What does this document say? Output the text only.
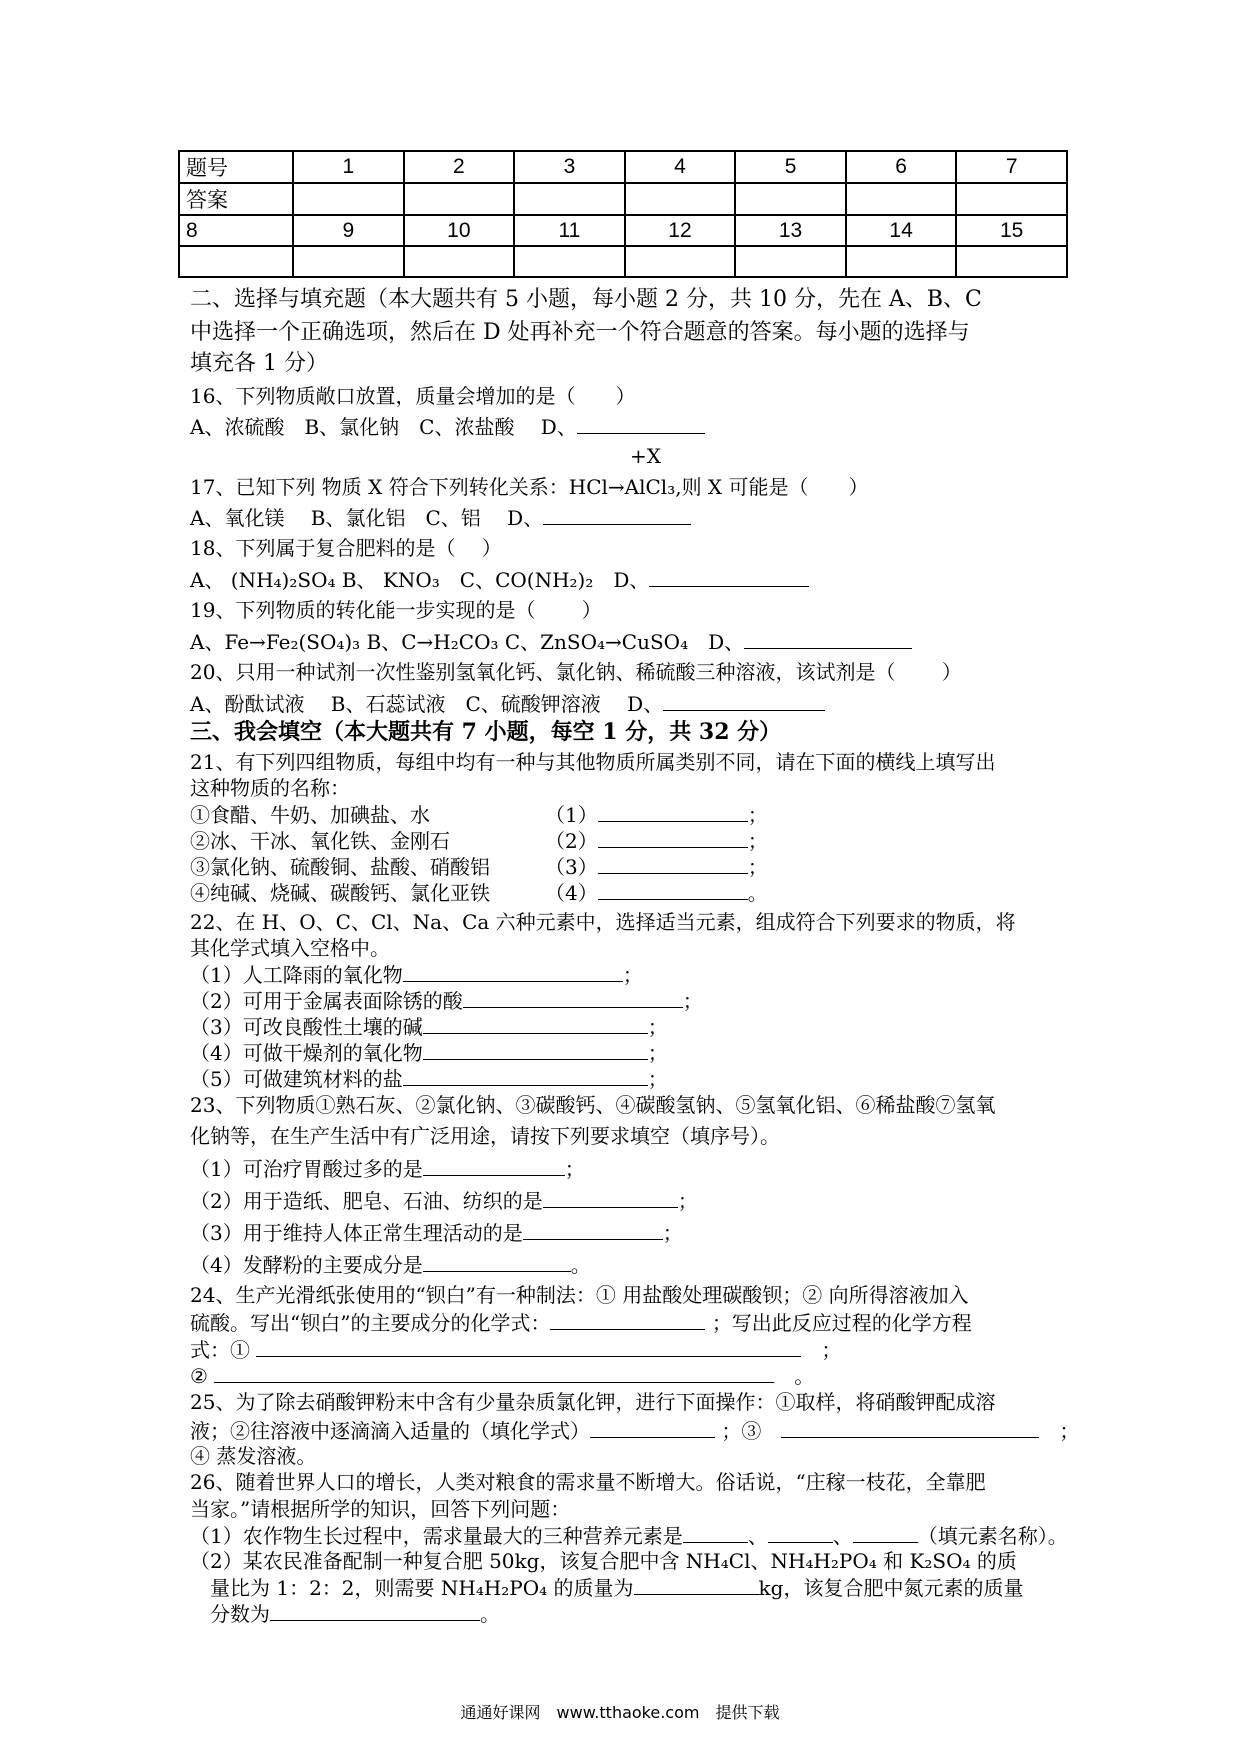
题号	1	2	3	4	5	6	7
答案							
8	9	10	11	12	13	14	15

二、选择与填充题（本大题共有 5 小题，每小题 2 分，共 10 分，先在 A、B、C
中选择一个正确选项，然后在 D 处再补充一个符合题意的答案。每小题的选择与
填充各 1 分）
16、下列物质敞口放置，质量会增加的是（　　）
A、浓硫酸　B、氯化钠　C、浓盐酸　 D、
+X
17、已知下列 物质 X 符合下列转化关系：HCl→AlCl₃,则 X 可能是（　　）
A、氧化镁　 B、氯化铝　C、铝　 D、
18、下列属于复合肥料的是（　 ）
A、 (NH₄)₂SO₄ B、 KNO₃　C、CO(NH₂)₂　D、
19、下列物质的转化能一步实现的是（　　 ）
A、Fe→Fe₂(SO₄)₃ B、C→H₂CO₃ C、ZnSO₄→CuSO₄　D、
20、只用一种试剂一次性鉴别氢氧化钙、氯化钠、稀硫酸三种溶液，该试剂是（　　 ）
A、酚酞试液　 B、石蕊试液　C、硫酸钾溶液　 D、
三、我会填空（本大题共有 7 小题，每空 1 分，共 32 分）
21、有下列四组物质，每组中均有一种与其他物质所属类别不同，请在下面的横线上填写出
这种物质的名称：
①食醋、牛奶、加碘盐、水	（1）	；
②冰、干冰、氧化铁、金刚石	（2）	；
③氯化钠、硫酸铜、盐酸、硝酸铝	（3）	；
④纯碱、烧碱、碳酸钙、氯化亚铁	（4）	。
22、在 H、O、C、Cl、Na、Ca 六种元素中，选择适当元素，组成符合下列要求的物质，将
其化学式填入空格中。
（1）人工降雨的氧化物	；
（2）可用于金属表面除锈的酸	；
（3）可改良酸性土壤的碱	；
（4）可做干燥剂的氧化物	；
（5）可做建筑材料的盐	；
23、下列物质①熟石灰、②氯化钠、③碳酸钙、④碳酸氢钠、⑤氢氧化铝、⑥稀盐酸⑦氢氧
化钠等，在生产生活中有广泛用途，请按下列要求填空（填序号）。
（1）可治疗胃酸过多的是	；
（2）用于造纸、肥皂、石油、纺织的是	；
（3）用于维持人体正常生理活动的是	；
（4）发酵粉的主要成分是	。
24、生产光滑纸张使用的“钡白”有一种制法：① 用盐酸处理碳酸钡；② 向所得溶液加入
硫酸。写出“钡白”的主要成分的化学式：	；写出此反应过程的化学方程
式：①	　；
②	　。
25、为了除去硝酸钾粉末中含有少量杂质氯化钾，进行下面操作：①取样，将硝酸钾配成溶
液；②往溶液中逐滴滴入适量的（填化学式）	；③　	　；
④ 蒸发溶液。
26、随着世界人口的增长，人类对粮食的需求量不断增大。俗话说，“庄稼一枝花，全靠肥
当家。”请根据所学的知识，回答下列问题：
（1）农作物生长过程中，需求量最大的三种营养元素是	、	、	（填元素名称）。
（2）某农民准备配制一种复合肥 50kg，该复合肥中含 NH₄Cl、NH₄H₂PO₄ 和 K₂SO₄ 的质
　量比为 1：2：2，则需要 NH₄H₂PO₄ 的质量为	kg，该复合肥中氮元素的质量
　分数为	。
通通好课网　www.tthaoke.com　提供下载
